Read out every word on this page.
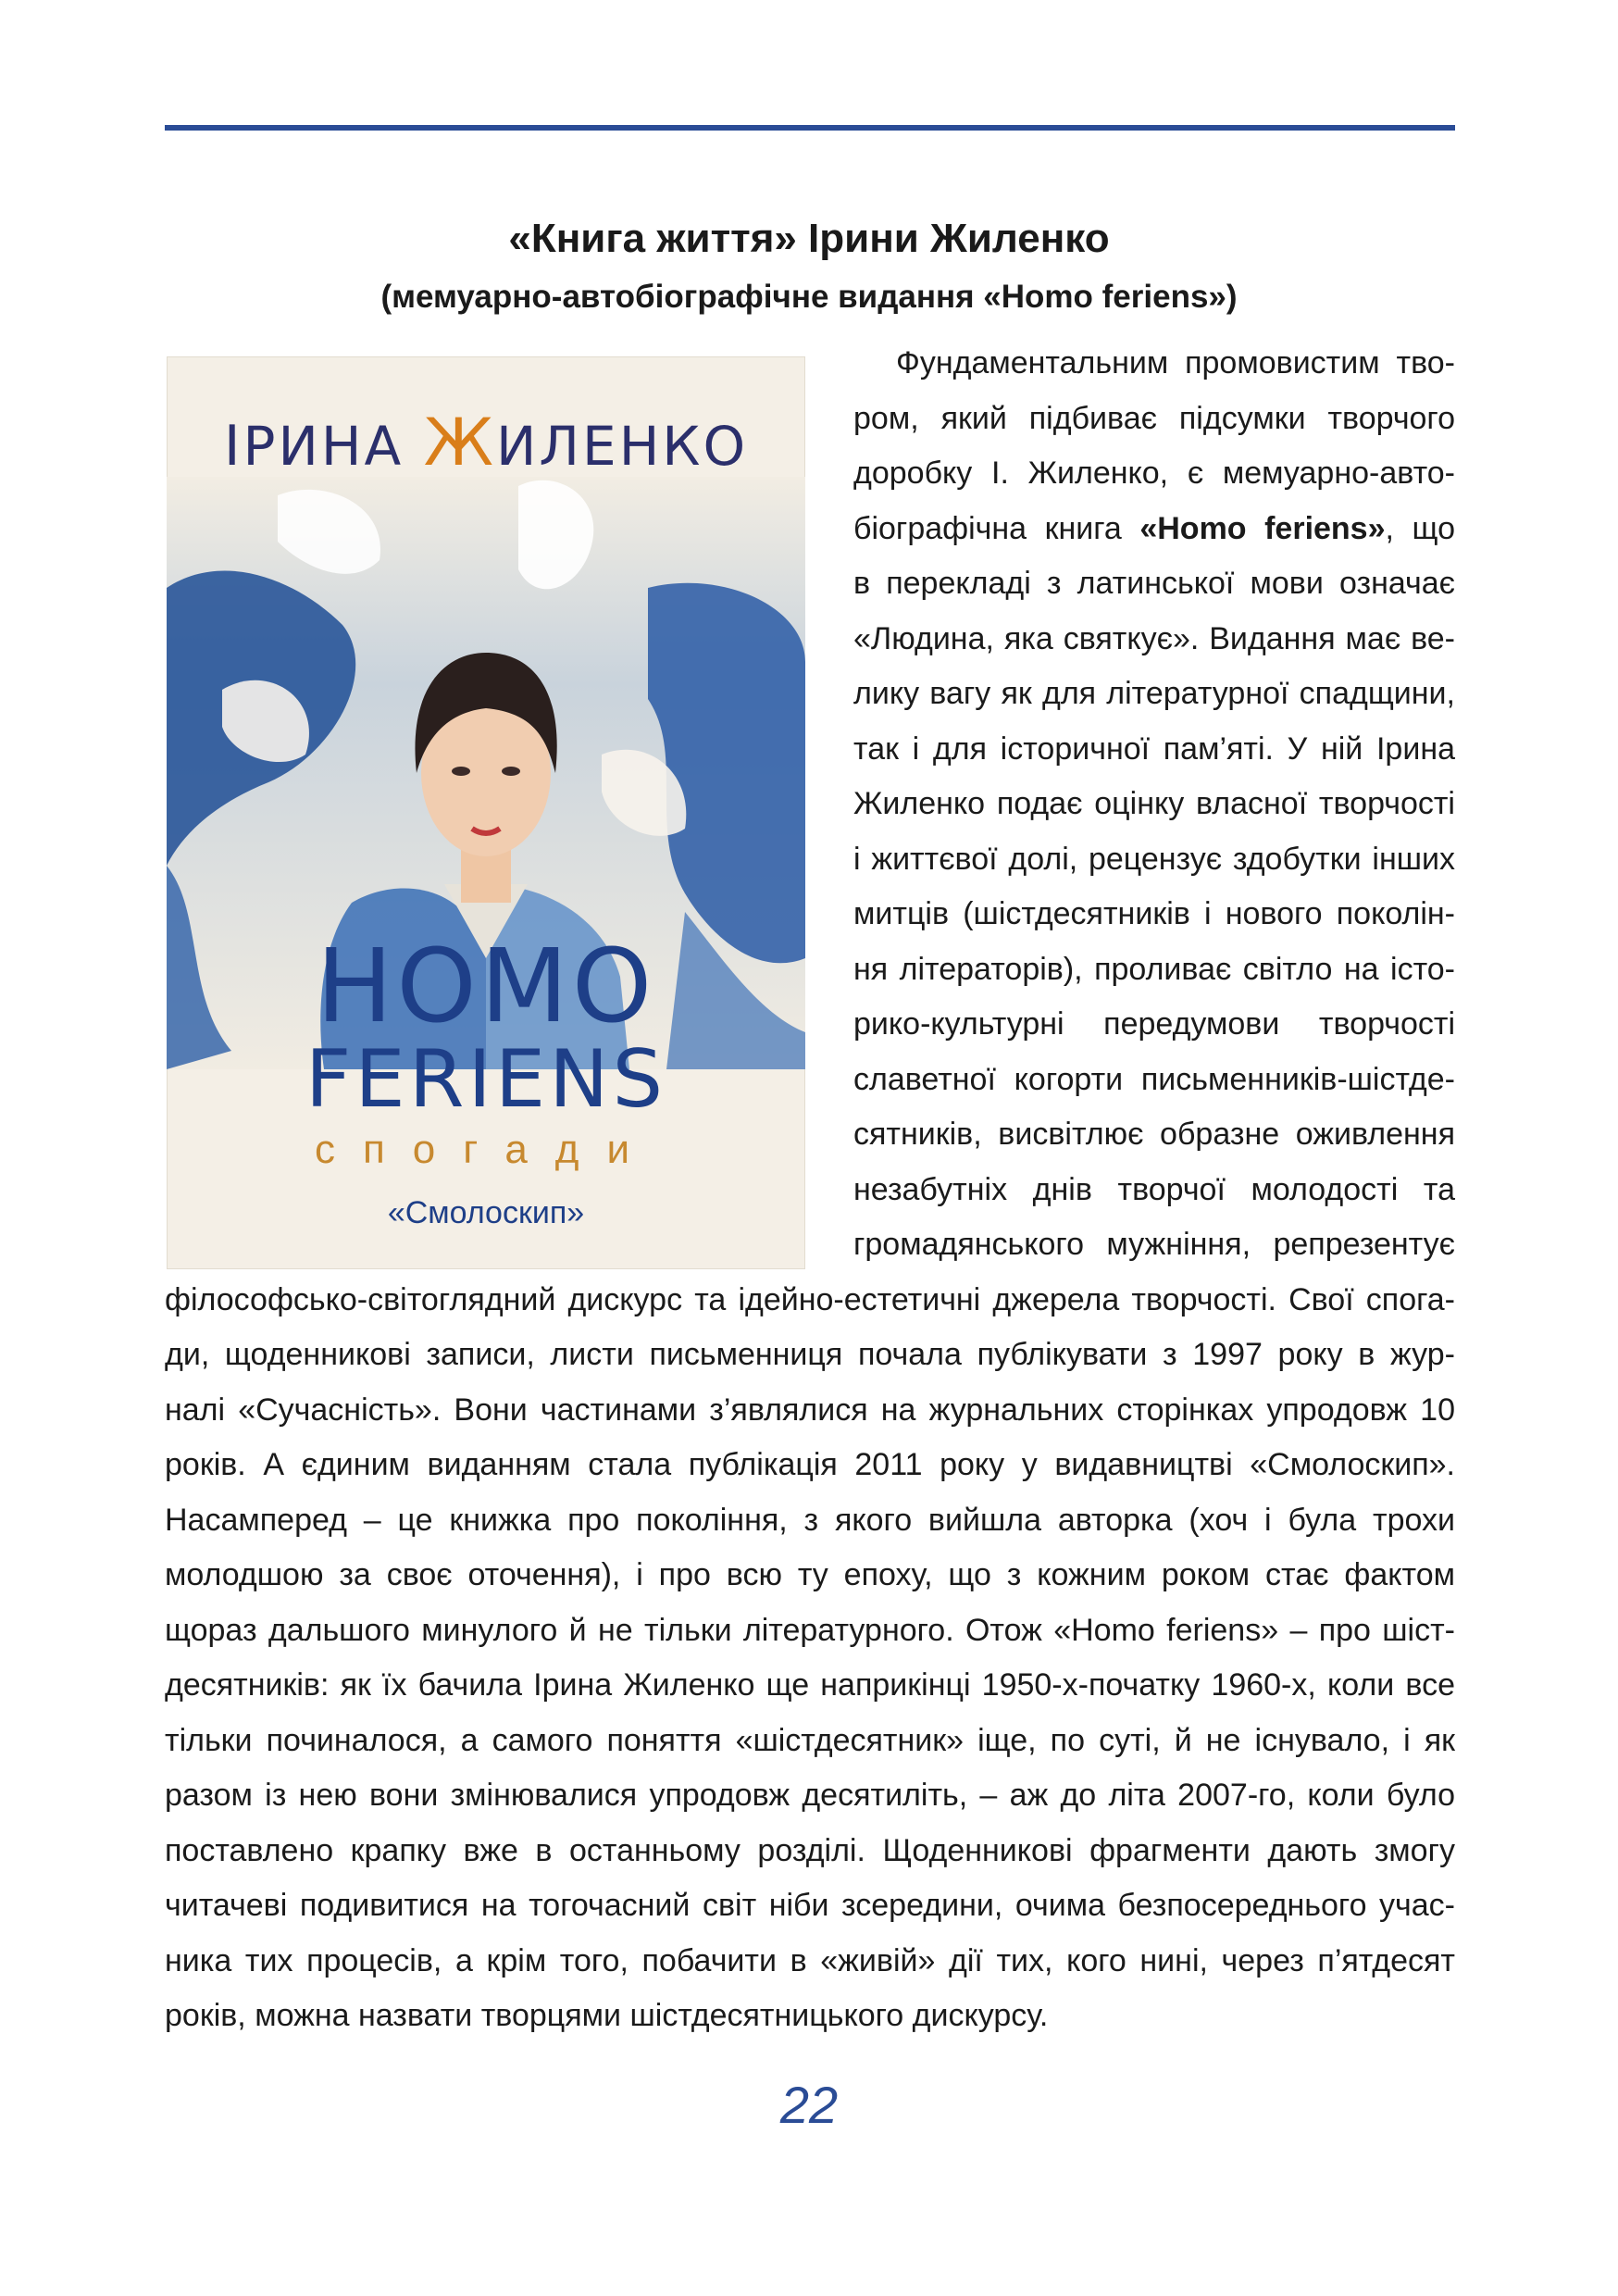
«Книга життя» Ірини Жиленко
(мемуарно-автобіографічне видання «Homo feriens»)
ІРИНА ЖИЛЕНКО
HOMO
FERIENS
спогади
«Смолоскип»
Фундаментальним промовистим тво-
ром, який підбиває підсумки творчого
доробку І. Жиленко, є мемуарно-авто-
біографічна книга «Homo feriens», що
в перекладі з латинської мови означає
«Людина, яка святкує». Видання має ве-
лику вагу як для літературної спадщини,
так і для історичної пам’яті. У ній Ірина
Жиленко подає оцінку власної творчості
і життєвої долі, рецензує здобутки інших
митців (шістдесятників і нового поколін-
ня літераторів), проливає світло на істо-
рико-культурні передумови творчості
славетної когорти письменників-шістде-
сятників, висвітлює образне оживлення
незабутніх днів творчої молодості та
громадянського мужніння, репрезентує
філософсько-світоглядний дискурс та ідейно-естетичні джерела творчості. Свої спога-
ди, щоденникові записи, листи письменниця почала публікувати з 1997 року в жур-
налі «Сучасність». Вони частинами з’являлися на журнальних сторінках упродовж 10
років. А єдиним виданням стала публікація 2011 року у видавництві «Смолоскип».
Насамперед – це книжка про покоління, з якого вийшла авторка (хоч і була трохи
молодшою за своє оточення), і про всю ту епоху, що з кожним роком стає фактом
щораз дальшого минулого й не тільки літературного. Отож «Homo feriens» – про шіст-
десятників: як їх бачила Ірина Жиленко ще наприкінці 1950-х-початку 1960-х, коли все
тільки починалося, а самого поняття «шістдесятник» іще, по суті, й не існувало, і як
разом із нею вони змінювалися упродовж десятиліть, – аж до літа 2007-го, коли було
поставлено крапку вже в останньому розділі. Щоденникові фрагменти дають змогу
читачеві подивитися на тогочасний світ ніби зсередини, очима безпосереднього учас-
ника тих процесів, а крім того, побачити в «живій» дії тих, кого нині, через п’ятдесят
років, можна назвати творцями шістдесятницького дискурсу.
22
